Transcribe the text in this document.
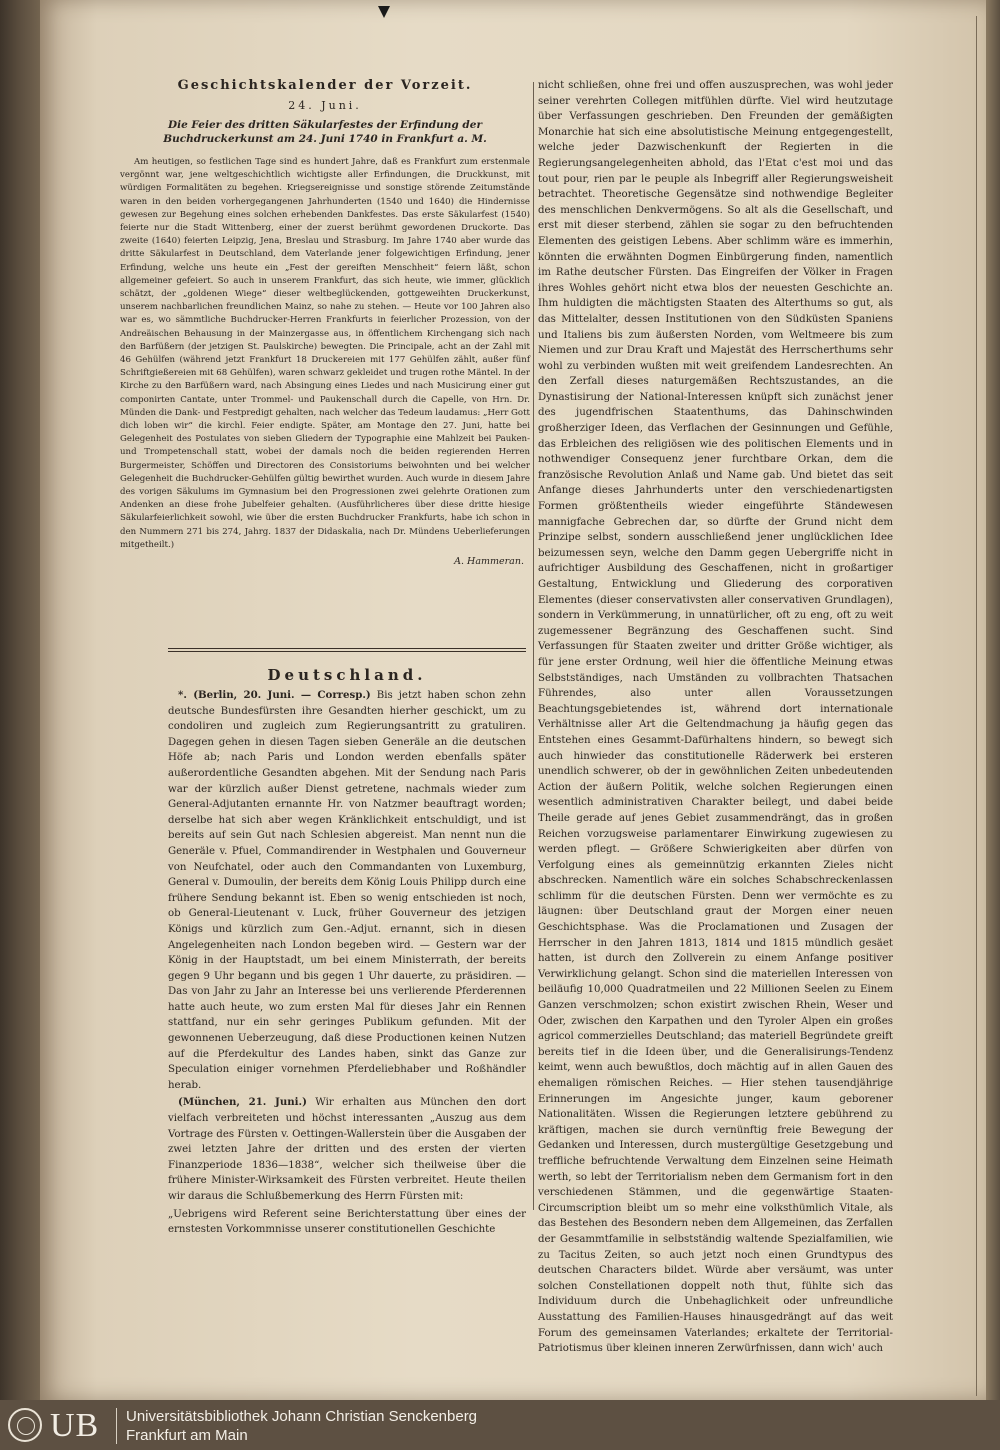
Geschichtskalender der Vorzeit.
24. Juni.
Die Feier des dritten Säkularfestes der Erfindung der Buchdruckerkunst am 24. Juni 1740 in Frankfurt a. M.

Am heutigen, so festlichen Tage sind es hundert Jahre, daß es Frankfurt zum erstenmale vergönnt war, jene weltgeschichtlich wichtigste aller Erfindungen, die Druckkunst, mit würdigen Formalitäten zu begehen. Kriegsereignisse und sonstige störende Zeitumstände waren in den beiden vorhergegangenen Jahrhunderten (1540 und 1640) die Hindernisse gewesen zur Begehung eines solchen erhebenden Dankfestes. Das erste Säkularfest (1540) feierte nur die Stadt Wittenberg, einer der zuerst berühmt gewordenen Druckorte. Das zweite (1640) feierten Leipzig, Jena, Breslau und Strasburg. Im Jahre 1740 aber wurde das dritte Säkularfest in Deutschland, dem Vaterlande jener folgewichtigen Erfindung, jener Erfindung, welche uns heute ein „Fest der gereiften Menschheit“ feiern läßt, schon allgemeiner gefeiert. So auch in unserem Frankfurt, das sich heute, wie immer, glücklich schätzt, der „goldenen Wiege“ dieser weltbeglückenden, gottgeweihten Druckerkunst, unserem nachbarlichen freundlichen Mainz, so nahe zu stehen. — Heute vor 100 Jahren also war es, wo sämmtliche Buchdrucker-Herren Frankfurts in feierlicher Prozession, von der Andreäischen Behausung in der Mainzergasse aus, in öffentlichem Kirchengang sich nach den Barfüßern (der jetzigen St. Paulskirche) bewegten. Die Principale, acht an der Zahl mit 46 Gehülfen (während jetzt Frankfurt 18 Druckereien mit 177 Gehülfen zählt, außer fünf Schriftgießereien mit 68 Gehülfen), waren schwarz gekleidet und trugen rothe Mäntel. In der Kirche zu den Barfüßern ward, nach Absingung eines Liedes und nach Musicirung einer gut componirten Cantate, unter Trommel- und Paukenschall durch die Capelle, von Hrn. Dr. Münden die Dank- und Festpredigt gehalten, nach welcher das Tedeum laudamus: „Herr Gott dich loben wir“ die kirchl. Feier endigte. Später, am Montage den 27. Juni, hatte bei Gelegenheit des Postulates von sieben Gliedern der Typographie eine Mahlzeit bei Pauken- und Trompetenschall statt, wobei der damals noch die beiden regierenden Herren Burgermeister, Schöffen und Directoren des Consistoriums beiwohnten und bei welcher Gelegenheit die Buchdrucker-Gehülfen gültig bewirthet wurden. Auch wurde in diesem Jahre des vorigen Säkulums im Gymnasium bei den Progressionen zwei gelehrte Orationen zum Andenken an diese frohe Jubelfeier gehalten. (Ausführlicheres über diese dritte hiesige Säkularfeierlichkeit sowohl, wie über die ersten Buchdrucker Frankfurts, habe ich schon in den Nummern 271 bis 274, Jahrg. 1837 der Didaskalia, nach Dr. Mündens Ueberlieferungen mitgetheilt.)

A. Hammeran.
Deutschland.

*. (Berlin, 20. Juni. — Corresp.) Bis jetzt haben schon zehn deutsche Bundesfürsten ihre Gesandten hierher geschickt, um zu condoliren und zugleich zum Regierungsantritt zu gratuliren. Dagegen gehen in diesen Tagen sieben Generäle an die deutschen Höfe ab; nach Paris und London werden ebenfalls später außerordentliche Gesandten abgehen. Mit der Sendung nach Paris war der kürzlich außer Dienst getretene, nachmals wieder zum General-Adjutanten ernannte Hr. von Natzmer beauftragt worden; derselbe hat sich aber wegen Kränklichkeit entschuldigt, und ist bereits auf sein Gut nach Schlesien abgereist. Man nennt nun die Generäle v. Pfuel, Commandirender in Westphalen und Gouverneur von Neufchatel, oder auch den Commandanten von Luxemburg, General v. Dumoulin, der bereits dem König Louis Philipp durch eine frühere Sendung bekannt ist. Eben so wenig entschieden ist noch, ob General-Lieutenant v. Luck, früher Gouverneur des jetzigen Königs und kürzlich zum Gen.-Adjut. ernannt, sich in diesen Angelegenheiten nach London begeben wird. — Gestern war der König in der Hauptstadt, um bei einem Ministerrath, der bereits gegen 9 Uhr begann und bis gegen 1 Uhr dauerte, zu präsidiren. — Das von Jahr zu Jahr an Interesse bei uns verlierende Pferderennen hatte auch heute, wo zum ersten Mal für dieses Jahr ein Rennen stattfand, nur ein sehr geringes Publikum gefunden. Mit der gewonnenen Ueberzeugung, daß diese Productionen keinen Nutzen auf die Pferdekultur des Landes haben, sinkt das Ganze zur Speculation einiger vornehmen Pferdeliebhaber und Roßhändler herab.

(München, 21. Juni.) Wir erhalten aus München den dort vielfach verbreiteten und höchst interessanten „Auszug aus dem Vortrage des Fürsten v. Oettingen-Wallerstein über die Ausgaben der zwei letzten Jahre der dritten und des ersten der vierten Finanzperiode 1836—1838“, welcher sich theilweise über die frühere Minister-Wirksamkeit des Fürsten verbreitet. Heute theilen wir daraus die Schlußbemerkung des Herrn Fürsten mit:

„Uebrigens wird Referent seine Berichterstattung über eines der ernstesten Vorkommnisse unserer constitutionellen Geschichte

nicht schließen, ohne frei und offen auszusprechen, was wohl jeder seiner verehrten Collegen mitfühlen dürfte. Viel wird heutzutage über Verfassungen geschrieben. Den Freunden der gemäßigten Monarchie hat sich eine absolutistische Meinung entgegengestellt, welche jeder Dazwischenkunft der Regierten in die Regierungsangelegenheiten abhold, das l'Etat c'est moi und das tout pour, rien par le peuple als Inbegriff aller Regierungsweisheit betrachtet. Theoretische Gegensätze sind nothwendige Begleiter des menschlichen Denkvermögens. So alt als die Gesellschaft, und erst mit dieser sterbend, zählen sie sogar zu den befruchtenden Elementen des geistigen Lebens. Aber schlimm wäre es immerhin, könnten die erwähnten Dogmen Einbürgerung finden, namentlich im Rathe deutscher Fürsten. Das Eingreifen der Völker in Fragen ihres Wohles gehört nicht etwa blos der neuesten Geschichte an. Ihm huldigten die mächtigsten Staaten des Alterthums so gut, als das Mittelalter, dessen Institutionen von den Südküsten Spaniens und Italiens bis zum äußersten Norden, vom Weltmeere bis zum Niemen und zur Drau Kraft und Majestät des Herrscherthums sehr wohl zu verbinden wußten mit weit greifendem Landesrechten. An den Zerfall dieses naturgemäßen Rechtszustandes, an die Dynastisirung der National-Interessen knüpft sich zunächst jener des jugendfrischen Staatenthums, das Dahinschwinden großherziger Ideen, das Verflachen der Gesinnungen und Gefühle, das Erbleichen des religiösen wie des politischen Elements und in nothwendiger Consequenz jener furchtbare Orkan, dem die französische Revolution Anlaß und Name gab. Und bietet das seit Anfange dieses Jahrhunderts unter den verschiedenartigsten Formen größtentheils wieder eingeführte Ständewesen mannigfache Gebrechen dar, so dürfte der Grund nicht dem Prinzipe selbst, sondern ausschließend jener unglücklichen Idee beizumessen seyn, welche den Damm gegen Uebergriffe nicht in aufrichtiger Ausbildung des Geschaffenen, nicht in großartiger Gestaltung, Entwicklung und Gliederung des corporativen Elementes (dieser conservativsten aller conservativen Grundlagen), sondern in Verkümmerung, in unnatürlicher, oft zu eng, oft zu weit zugemessener Begränzung des Geschaffenen sucht. Sind Verfassungen für Staaten zweiter und dritter Größe wichtiger, als für jene erster Ordnung, weil hier die öffentliche Meinung etwas Selbstständiges, nach Umständen zu vollbrachten Thatsachen Führendes, also unter allen Voraussetzungen Beachtungsgebietendes ist, während dort internationale Verhältnisse aller Art die Geltendmachung ja häufig gegen das Entstehen eines Gesammt-Dafürhaltens hindern, so bewegt sich auch hinwieder das constitutionelle Räderwerk bei ersteren unendlich schwerer, ob der in gewöhnlichen Zeiten unbedeutenden Action der äußern Politik, welche solchen Regierungen einen wesentlich administrativen Charakter beilegt, und dabei beide Theile gerade auf jenes Gebiet zusammendrängt, das in großen Reichen vorzugsweise parlamentarer Einwirkung zugewiesen zu werden pflegt. — Größere Schwierigkeiten aber dürfen von Verfolgung eines als gemeinnützig erkannten Zieles nicht abschrecken. Namentlich wäre ein solches Schabschreckenlassen schlimm für die deutschen Fürsten. Denn wer vermöchte es zu läugnen: über Deutschland graut der Morgen einer neuen Geschichtsphase. Was die Proclamationen und Zusagen der Herrscher in den Jahren 1813, 1814 und 1815 mündlich gesäet hatten, ist durch den Zollverein zu einem Anfange positiver Verwirklichung gelangt. Schon sind die materiellen Interessen von beiläufig 10,000 Quadratmeilen und 22 Millionen Seelen zu Einem Ganzen verschmolzen; schon existirt zwischen Rhein, Weser und Oder, zwischen den Karpathen und den Tyroler Alpen ein großes agricol commerzielles Deutschland; das materiell Begründete greift bereits tief in die Ideen über, und die Generalisirungs-Tendenz keimt, wenn auch bewußtlos, doch mächtig auf in allen Gauen des ehemaligen römischen Reiches. — Hier stehen tausendjährige Erinnerungen im Angesichte junger, kaum geborener Nationalitäten. Wissen die Regierungen letztere gebührend zu kräftigen, machen sie durch vernünftig freie Bewegung der Gedanken und Interessen, durch mustergültige Gesetzgebung und treffliche befruchtende Verwaltung dem Einzelnen seine Heimath werth, so lebt der Territorialism neben dem Germanism fort in den verschiedenen Stämmen, und die gegenwärtige Staaten-Circumscription bleibt um so mehr eine volksthümlich Vitale, als das Bestehen des Besondern neben dem Allgemeinen, das Zerfallen der Gesammtfamilie in selbstständig waltende Spezialfamilien, wie zu Tacitus Zeiten, so auch jetzt noch einen Grundtypus des deutschen Characters bildet. Würde aber versäumt, was unter solchen Constellationen doppelt noth thut, fühlte sich das Individuum durch die Unbehaglichkeit oder unfreundliche Ausstattung des Familien-Hauses hinausgedrängt auf das weit Forum des gemeinsamen Vaterlandes; erkaltete der Territorial-Patriotismus über kleinen inneren Zerwürfnissen, dann wich' auch

UB Universitätsbibliothek Johann Christian Senckenberg
Frankfurt am Main
